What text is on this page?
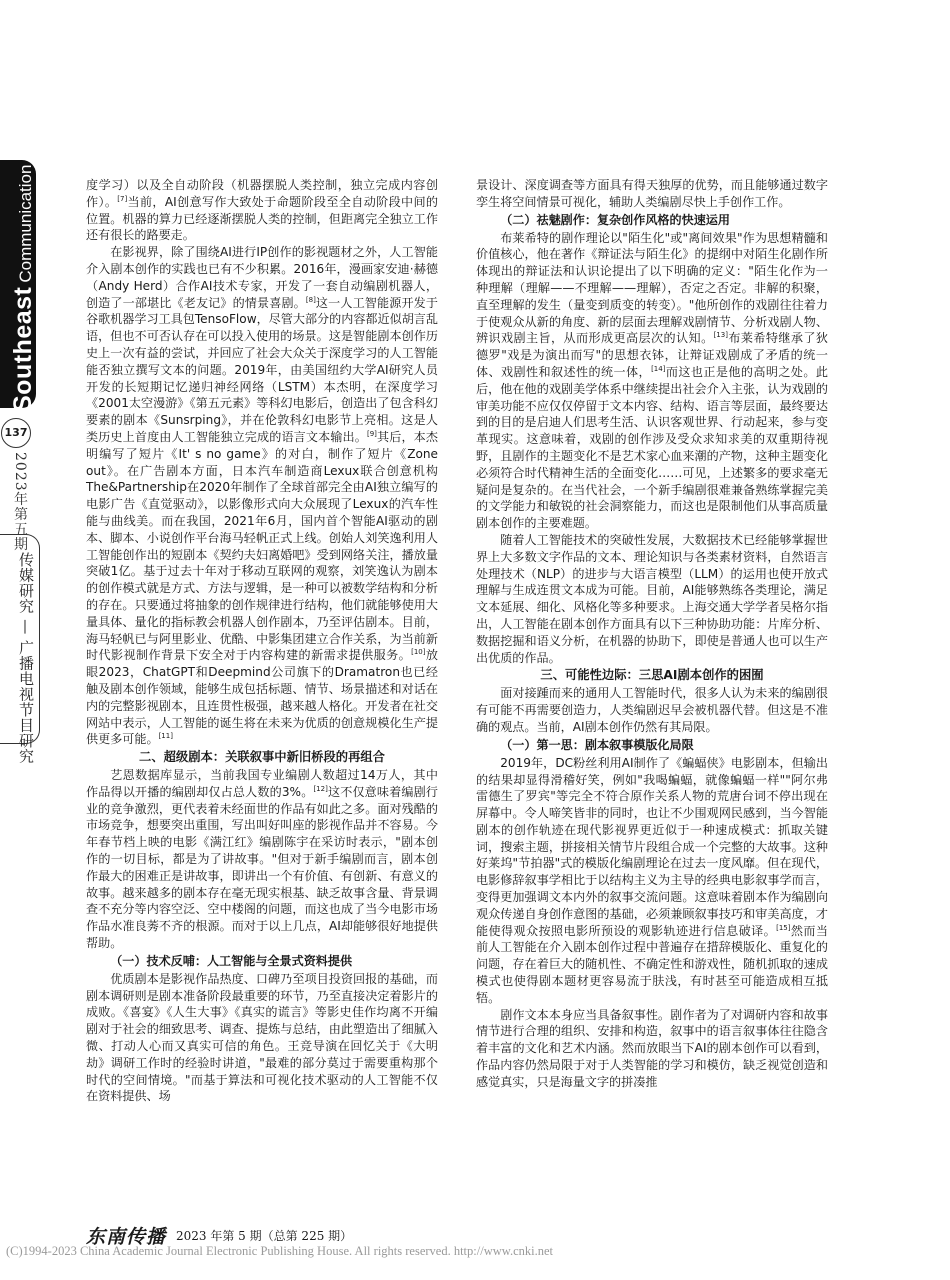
SoutheastCommunication
137
2023年第五期
传媒研究 — 广播电视节目研究

度学习）以及全自动阶段（机器摆脱人类控制，独立完成内容创作）。[7]当前，AI创意写作大致处于命题阶段至全自动阶段中间的位置。机器的算力已经逐渐摆脱人类的控制，但距离完全独立工作还有很长的路要走。

在影视界，除了围绕AI进行IP创作的影视题材之外，人工智能介入剧本创作的实践也已有不少积累。2016年，漫画家安迪·赫德（Andy Herd）合作AI技术专家，开发了一套自动编剧机器人，创造了一部堪比《老友记》的情景喜剧。[8]这一人工智能源开发于谷歌机器学习工具包TensoFlow，尽管大部分的内容都近似胡言乱语，但也不可否认存在可以投入使用的场景。这是智能剧本创作历史上一次有益的尝试，并回应了社会大众关于深度学习的人工智能能否独立撰写文本的问题。2019年，由美国纽约大学AI研究人员开发的长短期记忆递归神经网络（LSTM）本杰明，在深度学习《2001太空漫游》《第五元素》等科幻电影后，创造出了包含科幻要素的剧本《Sunsrping》，并在伦敦科幻电影节上亮相。这是人类历史上首度由人工智能独立完成的语言文本输出。[9]其后，本杰明编写了短片《It' s no game》的对白，制作了短片《Zone out》。在广告剧本方面，日本汽车制造商Lexux联合创意机构The&Partnership在2020年制作了全球首部完全由AI独立编写的电影广告《直觉驱动》，以影像形式向大众展现了Lexux的汽车性能与曲线美。而在我国，2021年6月，国内首个智能AI驱动的剧本、脚本、小说创作平台海马轻帆正式上线。创始人刘笑逸利用人工智能创作出的短剧本《契约夫妇离婚吧》受到网络关注，播放量突破1亿。基于过去十年对于移动互联网的观察，刘笑逸认为剧本的创作模式就是方式、方法与逻辑，是一种可以被数学结构和分析的存在。只要通过将抽象的创作规律进行结构，他们就能够使用大量具体、量化的指标教会机器人创作剧本，乃至评估剧本。目前，海马轻帆已与阿里影业、优酷、中影集团建立合作关系，为当前新时代影视制作背景下安全对于内容构建的新需求提供服务。[10]放眼2023，ChatGPT和Deepmind公司旗下的Dramatron也已经触及剧本创作领域，能够生成包括标题、情节、场景描述和对话在内的完整影视剧本，且连贯性极强，越来越人格化。开发者在社交网站中表示，人工智能的诞生将在未来为优质的创意规模化生产提供更多可能。[11]

二、超级剧本：关联叙事中新旧桥段的再组合

艺恩数据库显示，当前我国专业编剧人数超过14万人，其中作品得以开播的编剧却仅占总人数的3%。[12]这不仅意味着编剧行业的竞争激烈，更代表着未经面世的作品有如此之多。面对残酷的市场竞争，想要突出重围，写出叫好叫座的影视作品并不容易。今年春节档上映的电影《满江红》编剧陈宇在采访时表示，"剧本创作的一切目标，都是为了讲故事。"但对于新手编剧而言，剧本创作最大的困难正是讲故事，即讲出一个有价值、有创新、有意义的故事。越来越多的剧本存在毫无现实根基、缺乏故事含量、背景调查不充分等内容空泛、空中楼阁的问题，而这也成了当今电影市场作品水准良莠不齐的根源。而对于以上几点，AI却能够很好地提供帮助。

（一）技术反哺：人工智能与全景式资料提供

优质剧本是影视作品热度、口碑乃至项目投资回报的基础，而剧本调研则是剧本准备阶段最重要的环节，乃至直接决定着影片的成败。《喜宴》《人生大事》《真实的谎言》等影史佳作均离不开编剧对于社会的细致思考、调查、提炼与总结，由此塑造出了细腻入微、打动人心而又真实可信的角色。王竞导演在回忆关于《大明劫》调研工作时的经验时讲道，"最难的部分莫过于需要重构那个时代的空间情境。"而基于算法和可视化技术驱动的人工智能不仅在资料提供、场

景设计、深度调查等方面具有得天独厚的优势，而且能够通过数字孪生将空间情景可视化，辅助人类编剧尽快上手创作工作。

（二）祛魅剧作：复杂创作风格的快速运用

布莱希特的剧作理论以"陌生化"或"离间效果"作为思想精髓和价值核心，他在著作《辩证法与陌生化》的提纲中对陌生化剧作所体现出的辩证法和认识论提出了以下明确的定义："陌生化作为一种理解（理解——不理解——理解），否定之否定。非解的积聚，直至理解的发生（量变到质变的转变）。"他所创作的戏剧往往着力于使观众从新的角度、新的层面去理解戏剧情节、分析戏剧人物、辨识戏剧主旨，从而形成更高层次的认知。[13]布莱希特继承了狄德罗"戏是为演出而写"的思想衣钵，让辩证戏剧成了矛盾的统一体、戏剧性和叙述性的统一体，[14]而这也正是他的高明之处。此后，他在他的戏剧美学体系中继续提出社会介入主张，认为戏剧的审美功能不应仅仅停留于文本内容、结构、语言等层面，最终要达到的目的是启迪人们思考生活、认识客观世界、行动起来，参与变革现实。这意味着，戏剧的创作涉及受众求知求美的双重期待视野，且剧作的主题变化不是艺术家心血来潮的产物，这种主题变化必须符合时代精神生活的全面变化……可见，上述繁多的要求毫无疑问是复杂的。在当代社会，一个新手编剧很难兼备熟练掌握完美的文学能力和敏锐的社会洞察能力，而这也是限制他们从事高质量剧本创作的主要难题。

随着人工智能技术的突破性发展，大数据技术已经能够掌握世界上大多数文字作品的文本、理论知识与各类素材资料，自然语言处理技术（NLP）的进步与大语言模型（LLM）的运用也使开放式理解与生成连贯文本成为可能。目前，AI能够熟练各类理论，满足文本延展、细化、风格化等多种要求。上海交通大学学者吴格尔指出，人工智能在剧本创作方面具有以下三种协助功能：片库分析、数据挖掘和语义分析，在机器的协助下，即使是普通人也可以生产出优质的作品。

三、可能性边际：三思AI剧本创作的困囿

面对接踵而来的通用人工智能时代，很多人认为未来的编剧很有可能不再需要创造力，人类编剧迟早会被机器代替。但这是不准确的观点。当前，AI剧本创作仍然有其局限。

（一）第一思：剧本叙事模版化局限

2019年，DC粉丝利用AI制作了《蝙蝠侠》电影剧本，但输出的结果却显得滑稽好笑，例如"我喝蝙蝠，就像蝙蝠一样""阿尔弗雷德生了罗宾"等完全不符合原作关系人物的荒唐台词不停出现在屏幕中。令人啼笑皆非的同时，也让不少围观网民感到，当今智能剧本的创作轨迹在现代影视界更近似于一种速成模式：抓取关键词，搜索主题，拼接相关情节片段组合成一个完整的大故事。这种好莱坞"节拍器"式的模版化编剧理论在过去一度风靡。但在现代，电影修辞叙事学相比于以结构主义为主导的经典电影叙事学而言，变得更加强调文本内外的叙事交流问题。这意味着剧本作为编剧向观众传递自身创作意图的基础，必须兼顾叙事技巧和审美高度，才能使得观众按照电影所预设的观影轨迹进行信息破译。[15]然而当前人工智能在介入剧本创作过程中普遍存在措辞模版化、重复化的问题，存在着巨大的随机性、不确定性和游戏性，随机抓取的速成模式也使得剧本题材更容易流于肤浅，有时甚至可能造成相互抵牾。

剧作文本本身应当具备叙事性。剧作者为了对调研内容和故事情节进行合理的组织、安排和构造，叙事中的语言叙事体往往隐含着丰富的文化和艺术内涵。然而放眼当下AI的剧本创作可以看到，作品内容仍然局限于对于人类智能的学习和模仿，缺乏视觉创造和感觉真实，只是海量文字的拼凑推

东南传播 2023 年第 5 期（总第 225 期）
(C)1994-2023 China Academic Journal Electronic Publishing House. All rights reserved. http://www.cnki.net
